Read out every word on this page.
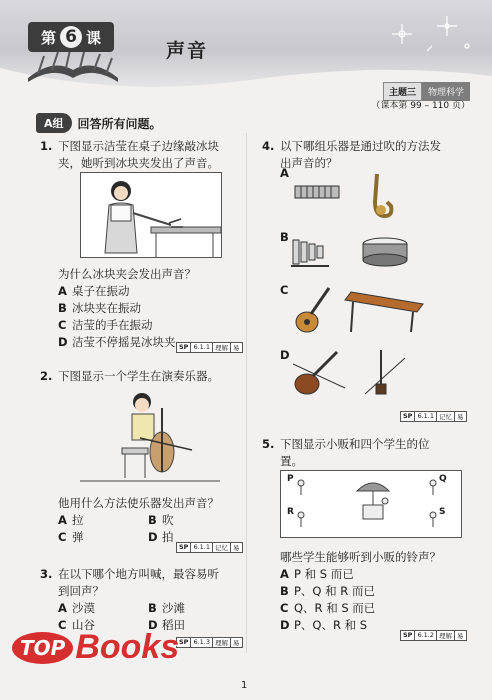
第 6 课
声音
主题三	物理科学
（课本第 99 – 110 页）
A组	回答所有问题。
1. 下图显示洁莹在桌子边缘敲冰块
夹，她听到冰块夹发出了声音。
为什么冰块夹会发出声音？
A 桌子在振动
B 冰块夹在振动
C 洁莹的手在振动
D 洁莹不停摇晃冰块夹 SP 6.1.1 理解 易
2. 下图显示一个学生在演奏乐器。
他用什么方法使乐器发出声音？
A 拉	B 吹
C 弹	D 拍
SP 6.1.1 记忆 易
3. 在以下哪个地方叫喊，最容易听
到回声？
A 沙漠	B 沙滩
C 山谷	D 稻田
SP 6.1.3 理解 易
4. 以下哪组乐器是通过吹的方法发
出声音的？
A
B
C
D
SP 6.1.1 记忆 易
5. 下图显示小贩和四个学生的位
置。
P	Q
R	S
哪些学生能够听到小贩的铃声？
A P 和 S 而已
B P、Q 和 R 而已
C Q、R 和 S 而已
D P、Q、R 和 S
SP 6.1.2 理解 易
1
TOP Books
